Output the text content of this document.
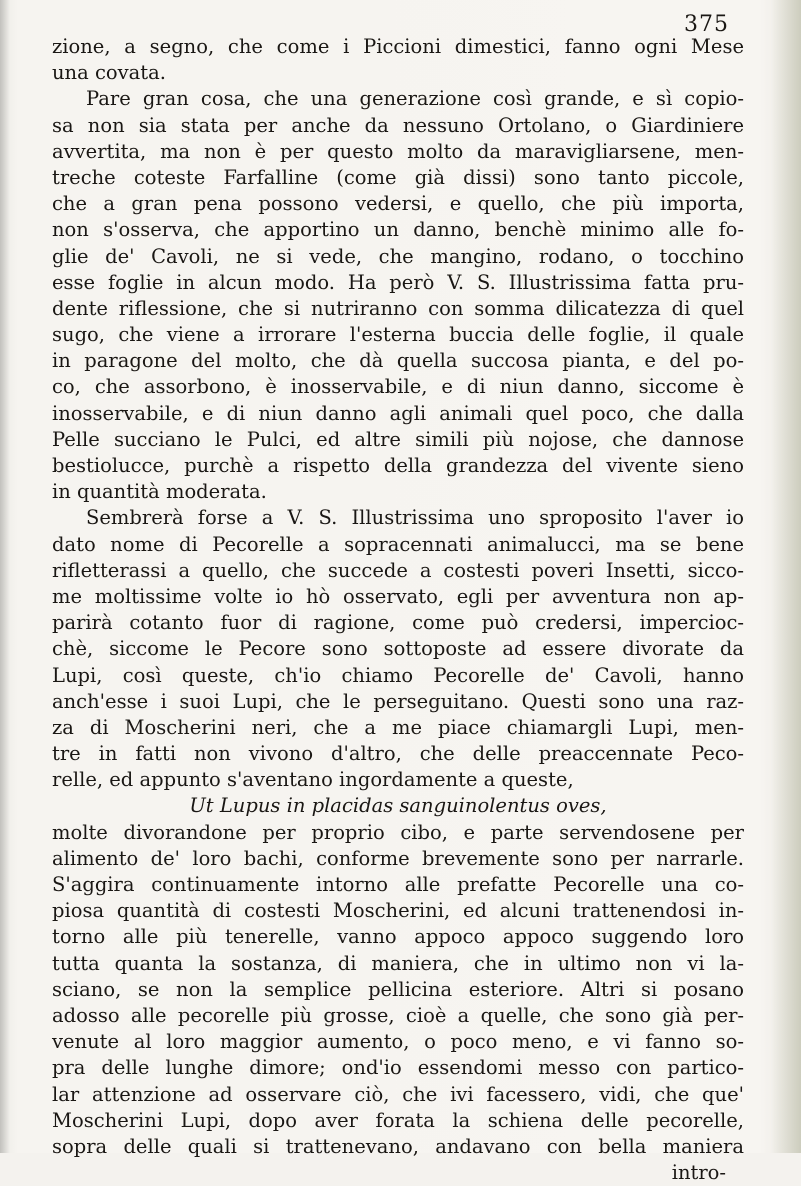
375
zione, a segno, che come i Piccioni dimestici, fanno ogni Mese
una covata.
Pare gran cosa, che una generazione così grande, e sì copio-
sa non sia stata per anche da nessuno Ortolano, o Giardiniere
avvertita, ma non è per questo molto da maravigliarsene, men-
treche coteste Farfalline (come già dissi) sono tanto piccole,
che a gran pena possono vedersi, e quello, che più importa,
non s'osserva, che apportino un danno, benchè minimo alle fo-
glie de' Cavoli, ne si vede, che mangino, rodano, o tocchino
esse foglie in alcun modo. Ha però V. S. Illustrissima fatta pru-
dente riflessione, che si nutriranno con somma dilicatezza di quel
sugo, che viene a irrorare l'esterna buccia delle foglie, il quale
in paragone del molto, che dà quella succosa pianta, e del po-
co, che assorbono, è inosservabile, e di niun danno, siccome è
inosservabile, e di niun danno agli animali quel poco, che dalla
Pelle succiano le Pulci, ed altre simili più nojose, che dannose
bestiolucce, purchè a rispetto della grandezza del vivente sieno
in quantità moderata.
Sembrerà forse a V. S. Illustrissima uno sproposito l'aver io
dato nome di Pecorelle a sopracennati animalucci, ma se bene
rifletterassi a quello, che succede a costesti poveri Insetti, sicco-
me moltissime volte io hò osservato, egli per avventura non ap-
parirà cotanto fuor di ragione, come può credersi, impercioc-
chè, siccome le Pecore sono sottoposte ad essere divorate da
Lupi, così queste, ch'io chiamo Pecorelle de' Cavoli, hanno
anch'esse i suoi Lupi, che le perseguitano. Questi sono una raz-
za di Moscherini neri, che a me piace chiamargli Lupi, men-
tre in fatti non vivono d'altro, che delle preaccennate Peco-
relle, ed appunto s'aventano ingordamente a queste,
Ut Lupus in placidas sanguinolentus oves,
molte divorandone per proprio cibo, e parte servendosene per
alimento de' loro bachi, conforme brevemente sono per narrarle.
S'aggira continuamente intorno alle prefatte Pecorelle una co-
piosa quantità di costesti Moscherini, ed alcuni trattenendosi in-
torno alle più tenerelle, vanno appoco appoco suggendo loro
tutta quanta la sostanza, di maniera, che in ultimo non vi la-
sciano, se non la semplice pellicina esteriore. Altri si posano
adosso alle pecorelle più grosse, cioè a quelle, che sono già per-
venute al loro maggior aumento, o poco meno, e vi fanno so-
pra delle lunghe dimore; ond'io essendomi messo con partico-
lar attenzione ad osservare ciò, che ivi facessero, vidi, che que'
Moscherini Lupi, dopo aver forata la schiena delle pecorelle,
sopra delle quali si trattenevano, andavano con bella maniera
intro-
